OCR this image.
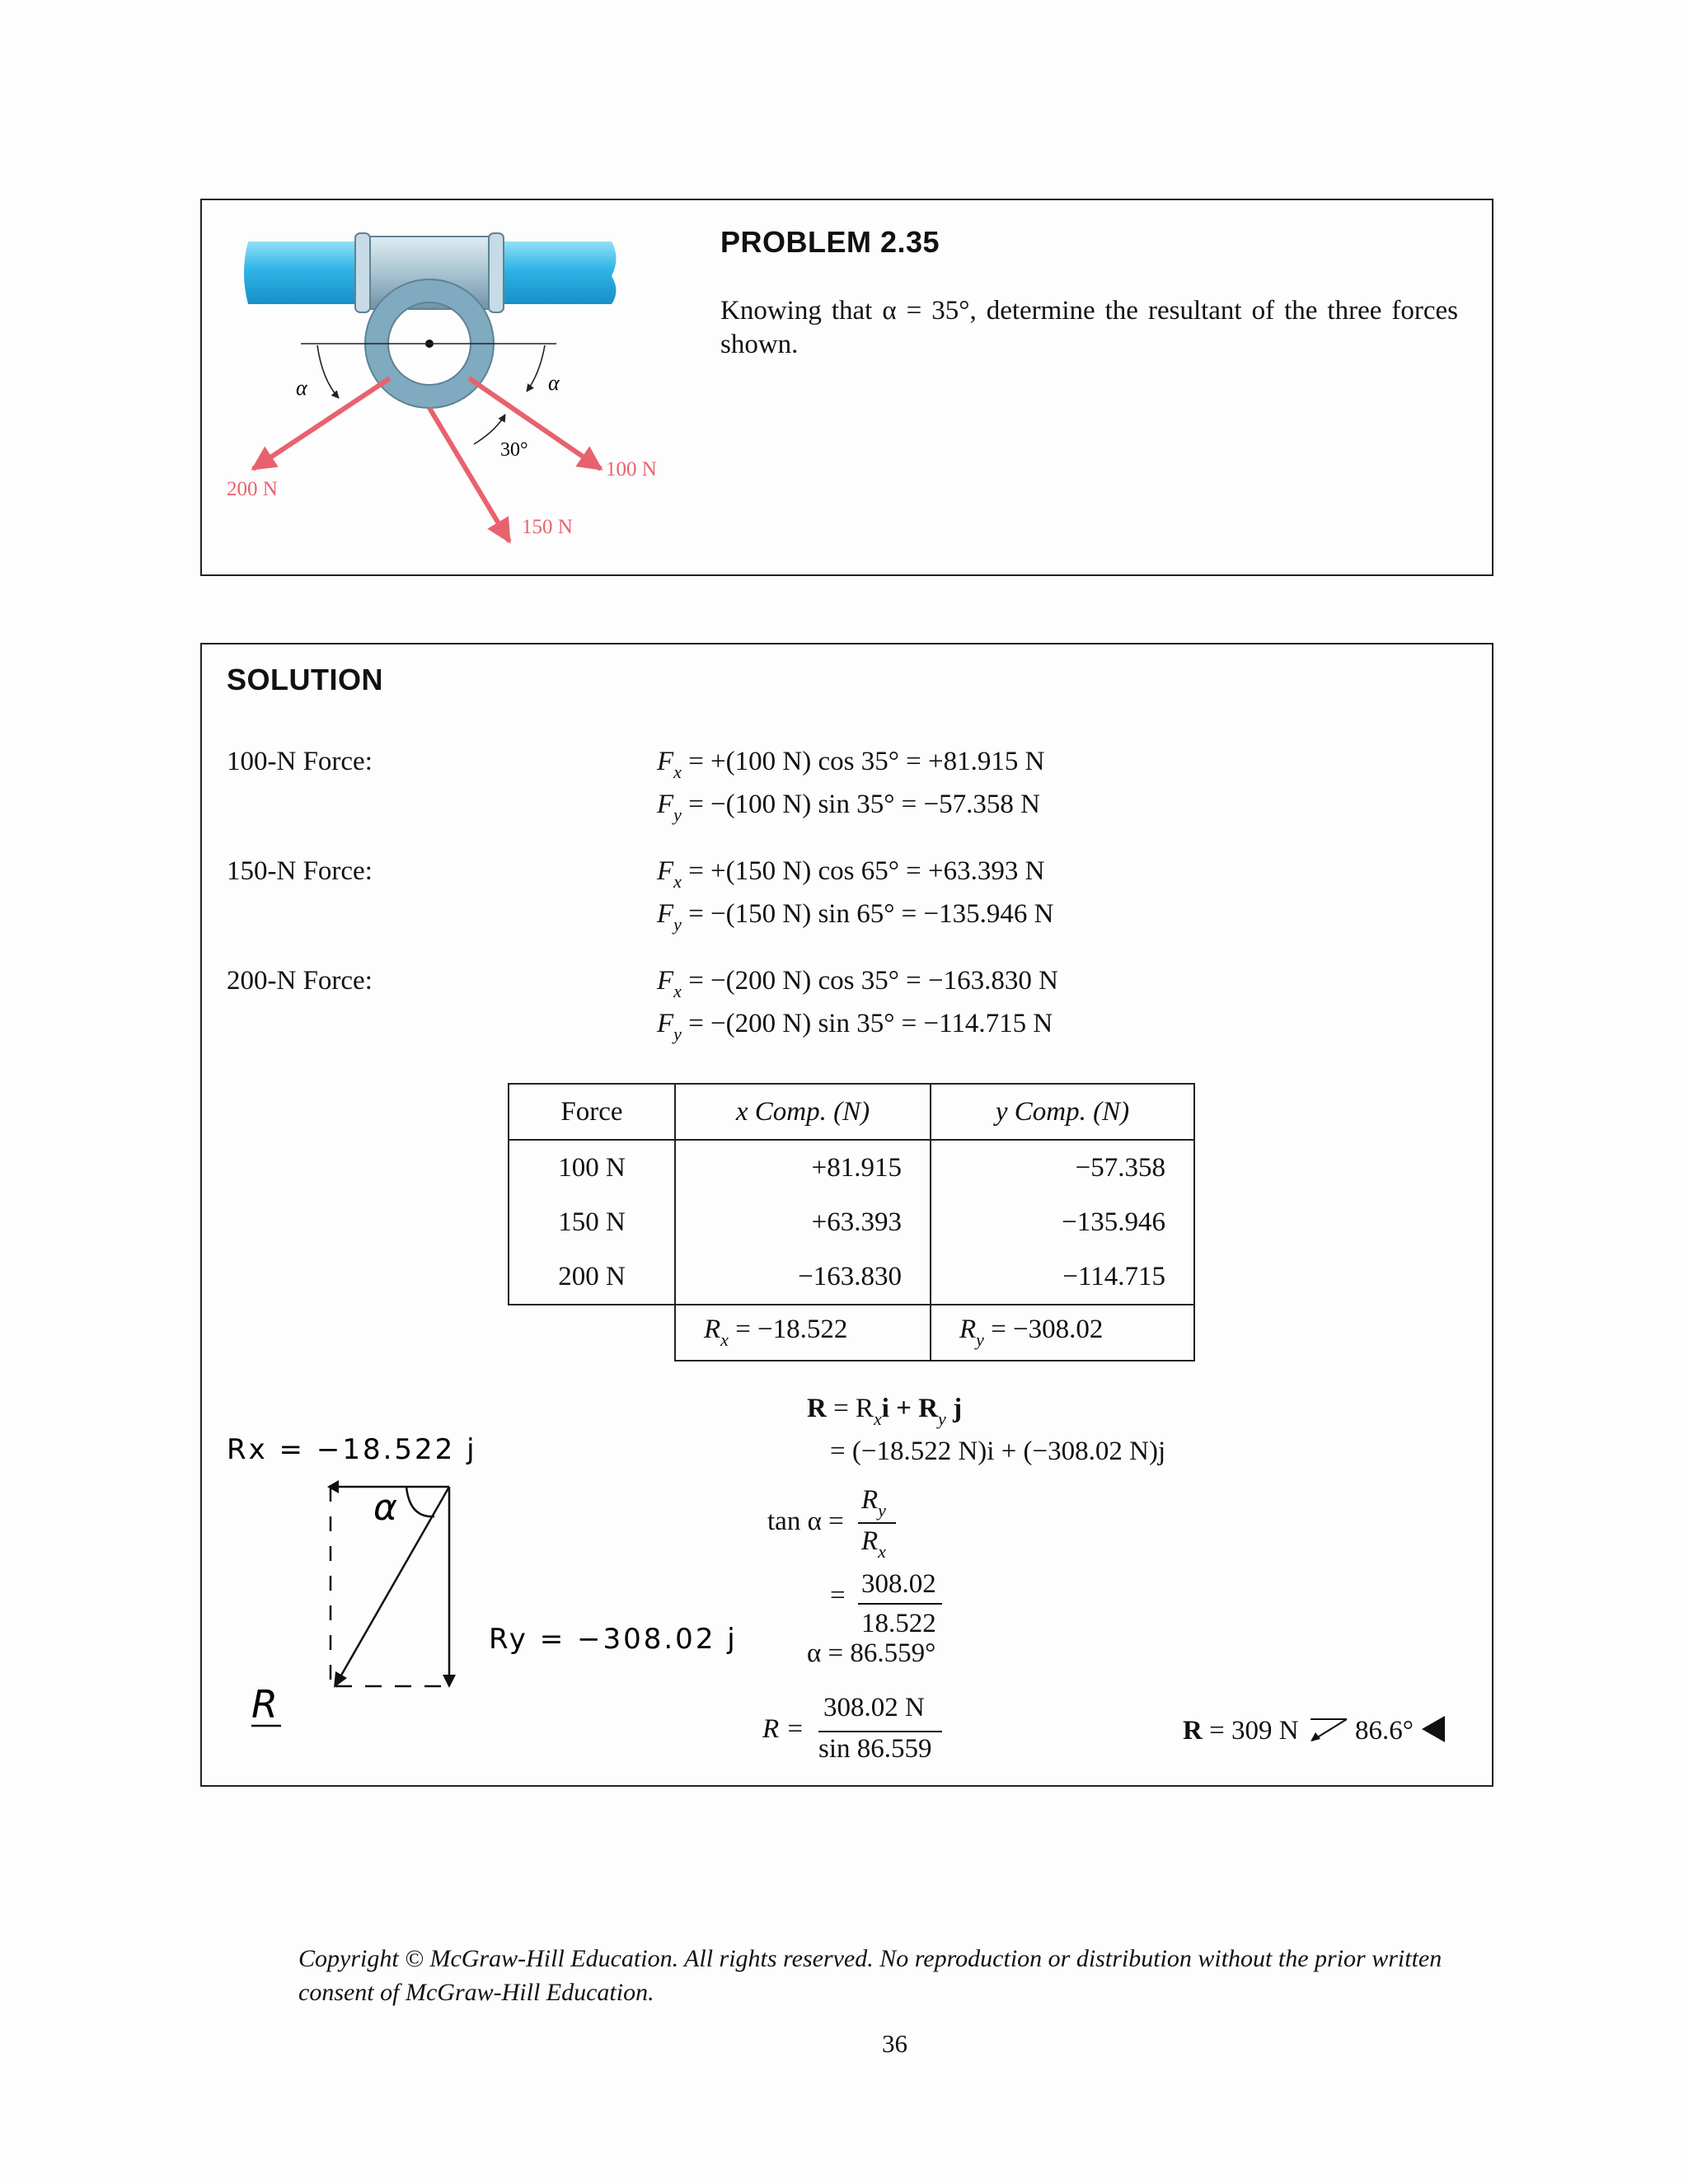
α	α
30°
200 N
150 N
100 N
PROBLEM 2.35
Knowing that α = 35°, determine the resultant of the three forces shown.
SOLUTION
100-N Force:
150-N Force:
200-N Force:
$F_x = +(100$ N) cos 35° = +81.915 N
$F_y = -(100$ N) sin 35° = −57.358 N
$F_x = +(150$ N) cos 65° = +63.393 N
$F_y = -(150$ N) sin 65° = −135.946 N
$F_x = -(200$ N) cos 35° = −163.830 N
$F_y = -(200$ N) sin 35° = −114.715 N
Force	x Comp. (N)	y Comp. (N)
100 N	+81.915	−57.358
150 N	+63.393	−135.946
200 N	−163.830	−114.715
	$R_x = -18.522$	$R_y = -308.02$
$R = R_xi + R_y$ j
= (−18.522 N)i + (−308.02 N)j
tan α =
$R_y$
$R_x$
= 308.02
18.522
α = 86.559°
R =
308.02 N
sin 86.559
R = 309 N 86.6°
α
Rx = −18.522 j
Ry = −308.02 j
R
Copyright © McGraw-Hill Education. All rights reserved. No reproduction or distribution without the prior written consent of McGraw-Hill Education.
36
